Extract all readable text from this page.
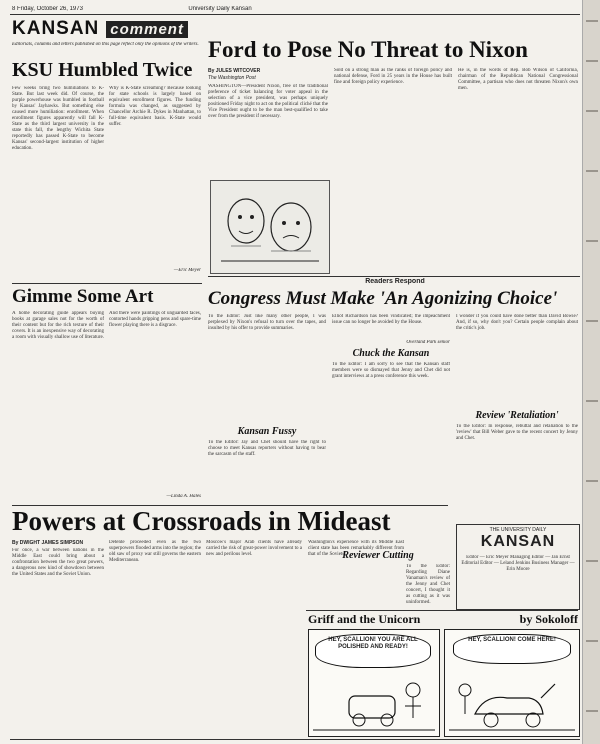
8 Friday, October 26, 1973	University Daily Kansan
KANSAN comment
Editorials, columns and letters published on this page reflect only the opinions of the writers.
KSU Humbled Twice
Few weeks bring two humiliations to K-State. But last week did. Of course, the purple powerhouse was humbled in football by Kansas' Jayhawks. But something else caused more humiliation: enrollment. When enrollment figures apparently will fall K-State as the third largest university in the state this fall, the lengthy Wichita State reportedly has passed K-State to become Kansas' second-largest institution of higher education.
Why is K-State screaming? Because looking for state schools is largely based on equivalent enrollment figures. The funding formula was changed, as suggested by Chancellor Archie R. Dykes in Manhattan, to full-time equivalent basis. K-State would suffer.
—Eric Meyer
Gimme Some Art
A home decorating guide appears buying books at garage sales not for the worth of their content but for the rich texture of their covers. It is an inexpensive way of decorating a room with visually shallow use of literature.
And there were paintings of unguarded faces, contorted hands gripping pens and spare-time flower playing there is a disgrace.
—Linda A. Hales
Ford to Pose No Threat to Nixon
By JULES WITCOVER
The Washington Post
WASHINGTON—President Nixon, free of the traditional preference of ticket balancing for voter appeal in the selection of a vice president, was perhaps uniquely positioned Friday night to act on the political cliché that the Vice President ought to be the man best-qualified to take over from the president if necessary.
Sold on a strong man as the ranks of foreign policy and national defense, Ford in 25 years in the House has built fine and foreign policy experience.
He is, in the words of Rep. Bob Wilson of California, chairman of the Republican National Congressional Committee, a partisan who does not threaten Nixon's own men.
Readers Respond
Congress Must Make 'An Agonizing Choice'
To the Editor: Just like many other people, I was perplexed by Nixon's refusal to turn over the tapes, and insulted by his offer to provide summaries.
Elliot Richardson has been vindicated; the impeachment issue can no longer be avoided by the House.
Overland Park senior
Kansan Fussy
To the Editor: Jay and Chet should have the right to choose to meet Kansas reporters without having to bear the sarcasm of the staff.
Chuck the Kansan
To the Editor: I am sorry to see that the Kansan staff members were so dismayed that Jenny and Chet did not grant interviews at a press conference this week.
I wonder if you could have done better than David Bowie? And, if so, why don't you? Certain people complain about the critic's job.
Review 'Retaliation'
To the Editor: In response, rebuttal and retaliation to the 'review' that Bill Weber gave to the recent concert by Jenny and Chet.
Powers at Crossroads in Mideast
By DWIGHT JAMES SIMPSON
For once, a war between nations in the Middle East could bring about a confrontation between the two great powers, a dangerous new kind of showdown between the United States and the Soviet Union.
Detente proceeded even as the two superpowers flooded arms into the region; the old saw of proxy war still governs the eastern Mediterranean.
Moscow's major Arab clients have already carried the risk of great-power involvement to a new and perilous level.
Washington's experience with its Middle East client state has been remarkably different from that of the Soviets.
Reviewer Cutting
To the Editor: Regarding Diane Vanaman's review of the Jenny and Chet concert, I thought it as cutting as it was uninformed.
THE UNIVERSITY DAILY
KANSAN
Editor — Eric Meyer Managing Editor — Jan Ernst Editorial Editor — Leland Jenkins Business Manager — Erin Moore
Griff and the Unicorn	by Sokoloff
HEY, SCALLION! YOU ARE ALL POLISHED AND READY!
HEY, SCALLION! COME HERE!
